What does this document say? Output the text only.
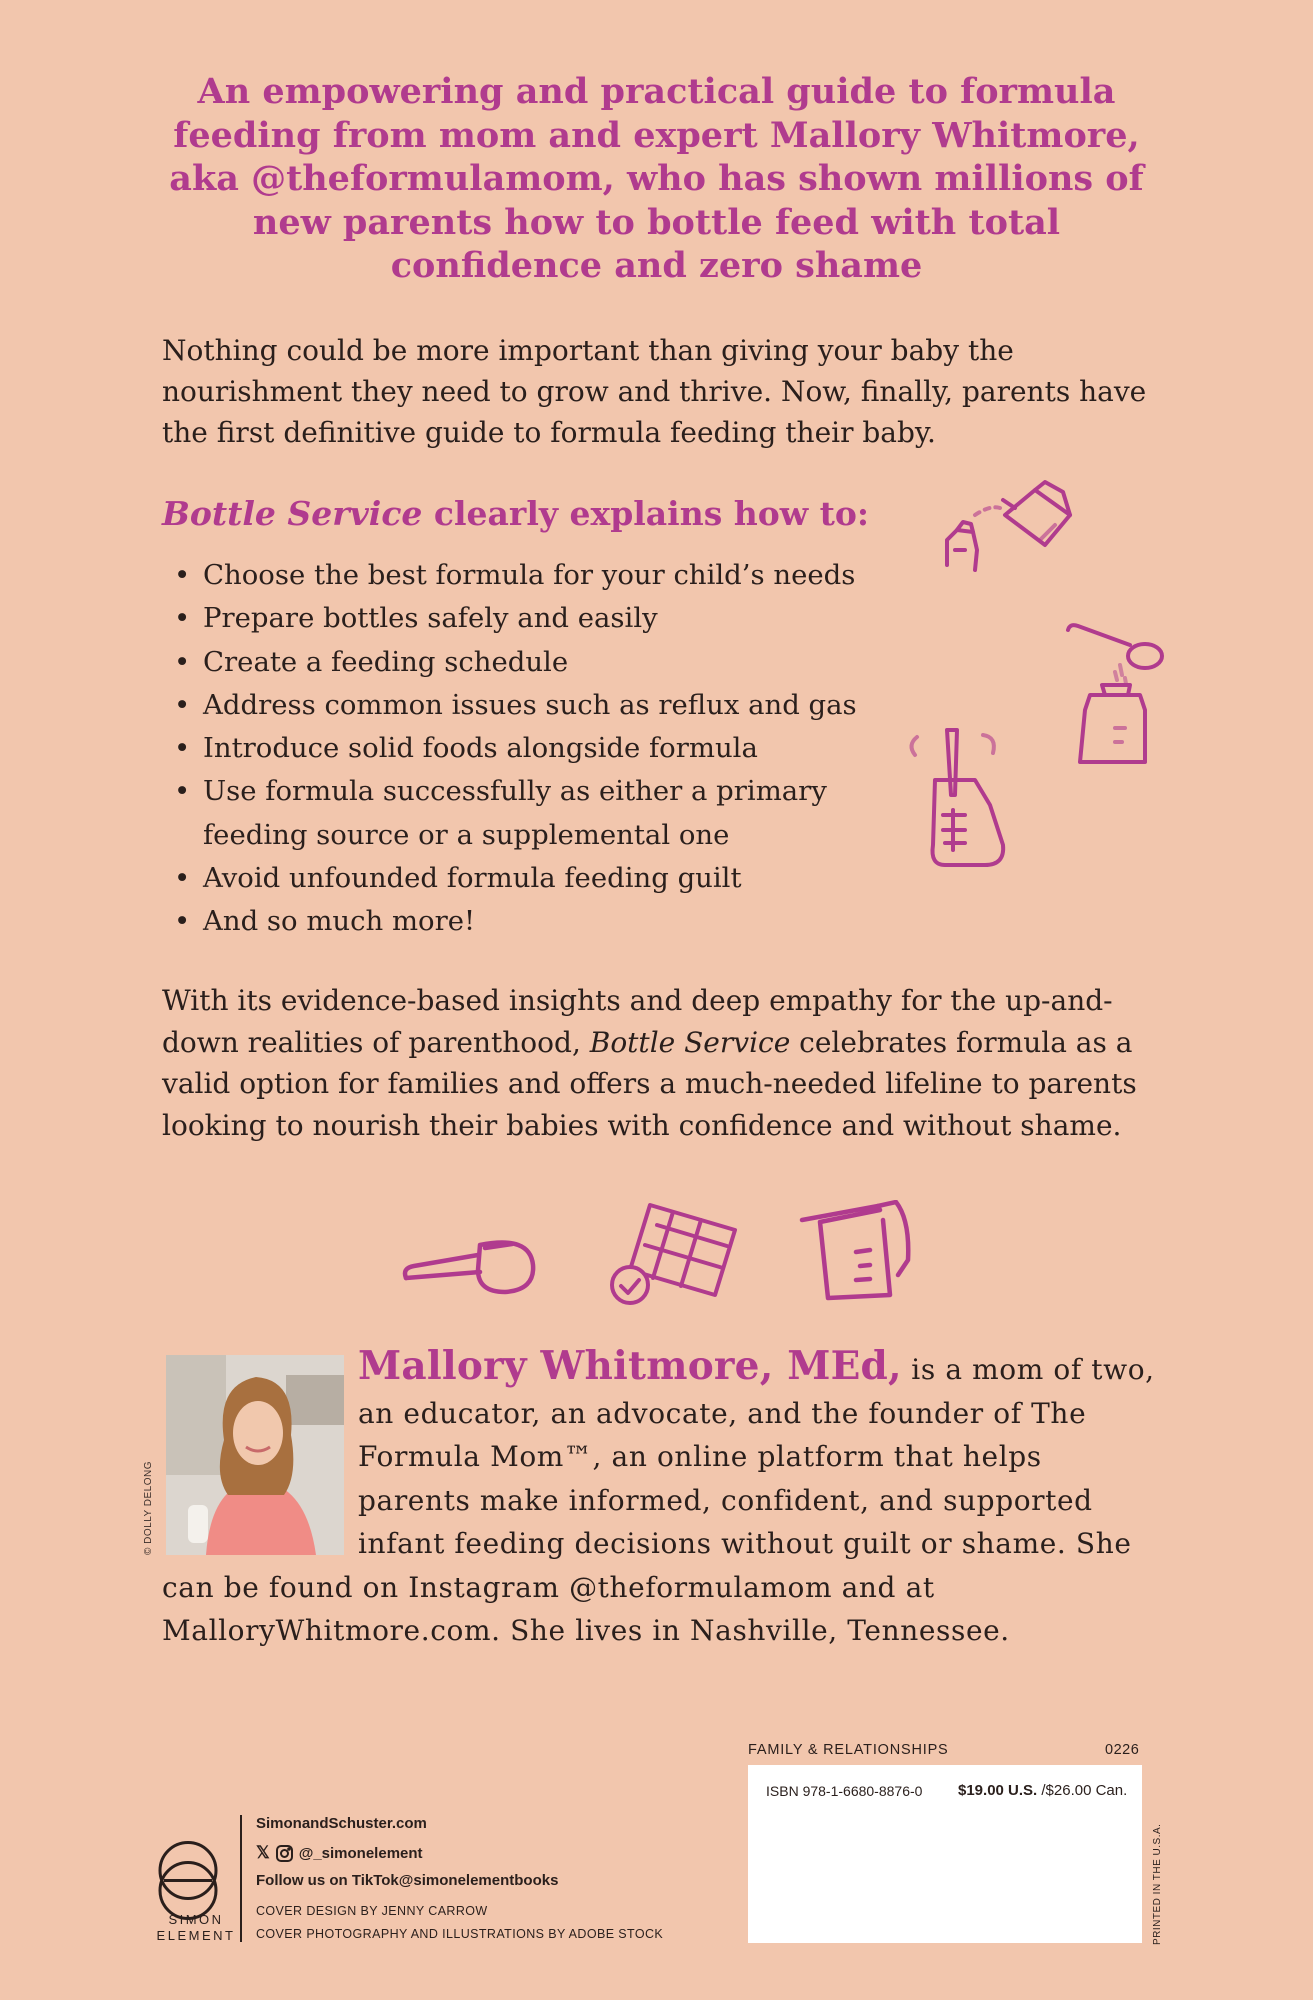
An empowering and practical guide to formula feeding from mom and expert Mallory Whitmore, aka @theformulamom, who has shown millions of new parents how to bottle feed with total confidence and zero shame
Nothing could be more important than giving your baby the nourishment they need to grow and thrive. Now, finally, parents have the first definitive guide to formula feeding their baby.
Bottle Service clearly explains how to:
• Choose the best formula for your child’s needs
• Prepare bottles safely and easily
• Create a feeding schedule
• Address common issues such as reflux and gas
• Introduce solid foods alongside formula
• Use formula successfully as either a primary feeding source or a supplemental one
• Avoid unfounded formula feeding guilt
• And so much more!
With its evidence-based insights and deep empathy for the up-and-down realities of parenthood, Bottle Service celebrates formula as a valid option for families and offers a much-needed lifeline to parents looking to nourish their babies with confidence and without shame.
© DOLLY DELONG
Mallory Whitmore, MEd, is a mom of two, an educator, an advocate, and the founder of The Formula Mom™, an online platform that helps parents make informed, confident, and supported infant feeding decisions without guilt or shame. She can be found on Instagram @theformulamom and at MalloryWhitmore.com. She lives in Nashville, Tennessee.
SIMON
ELEMENT
SimonandSchuster.com
𝕏 @_simonelement
Follow us on TikTok@simonelementbooks
COVER DESIGN BY JENNY CARROW
COVER PHOTOGRAPHY AND ILLUSTRATIONS BY ADOBE STOCK
FAMILY & RELATIONSHIPS	0226
ISBN 978-1-6680-8876-0 $19.00 U.S. /$26.00 Can.
PRINTED IN THE U.S.A.
